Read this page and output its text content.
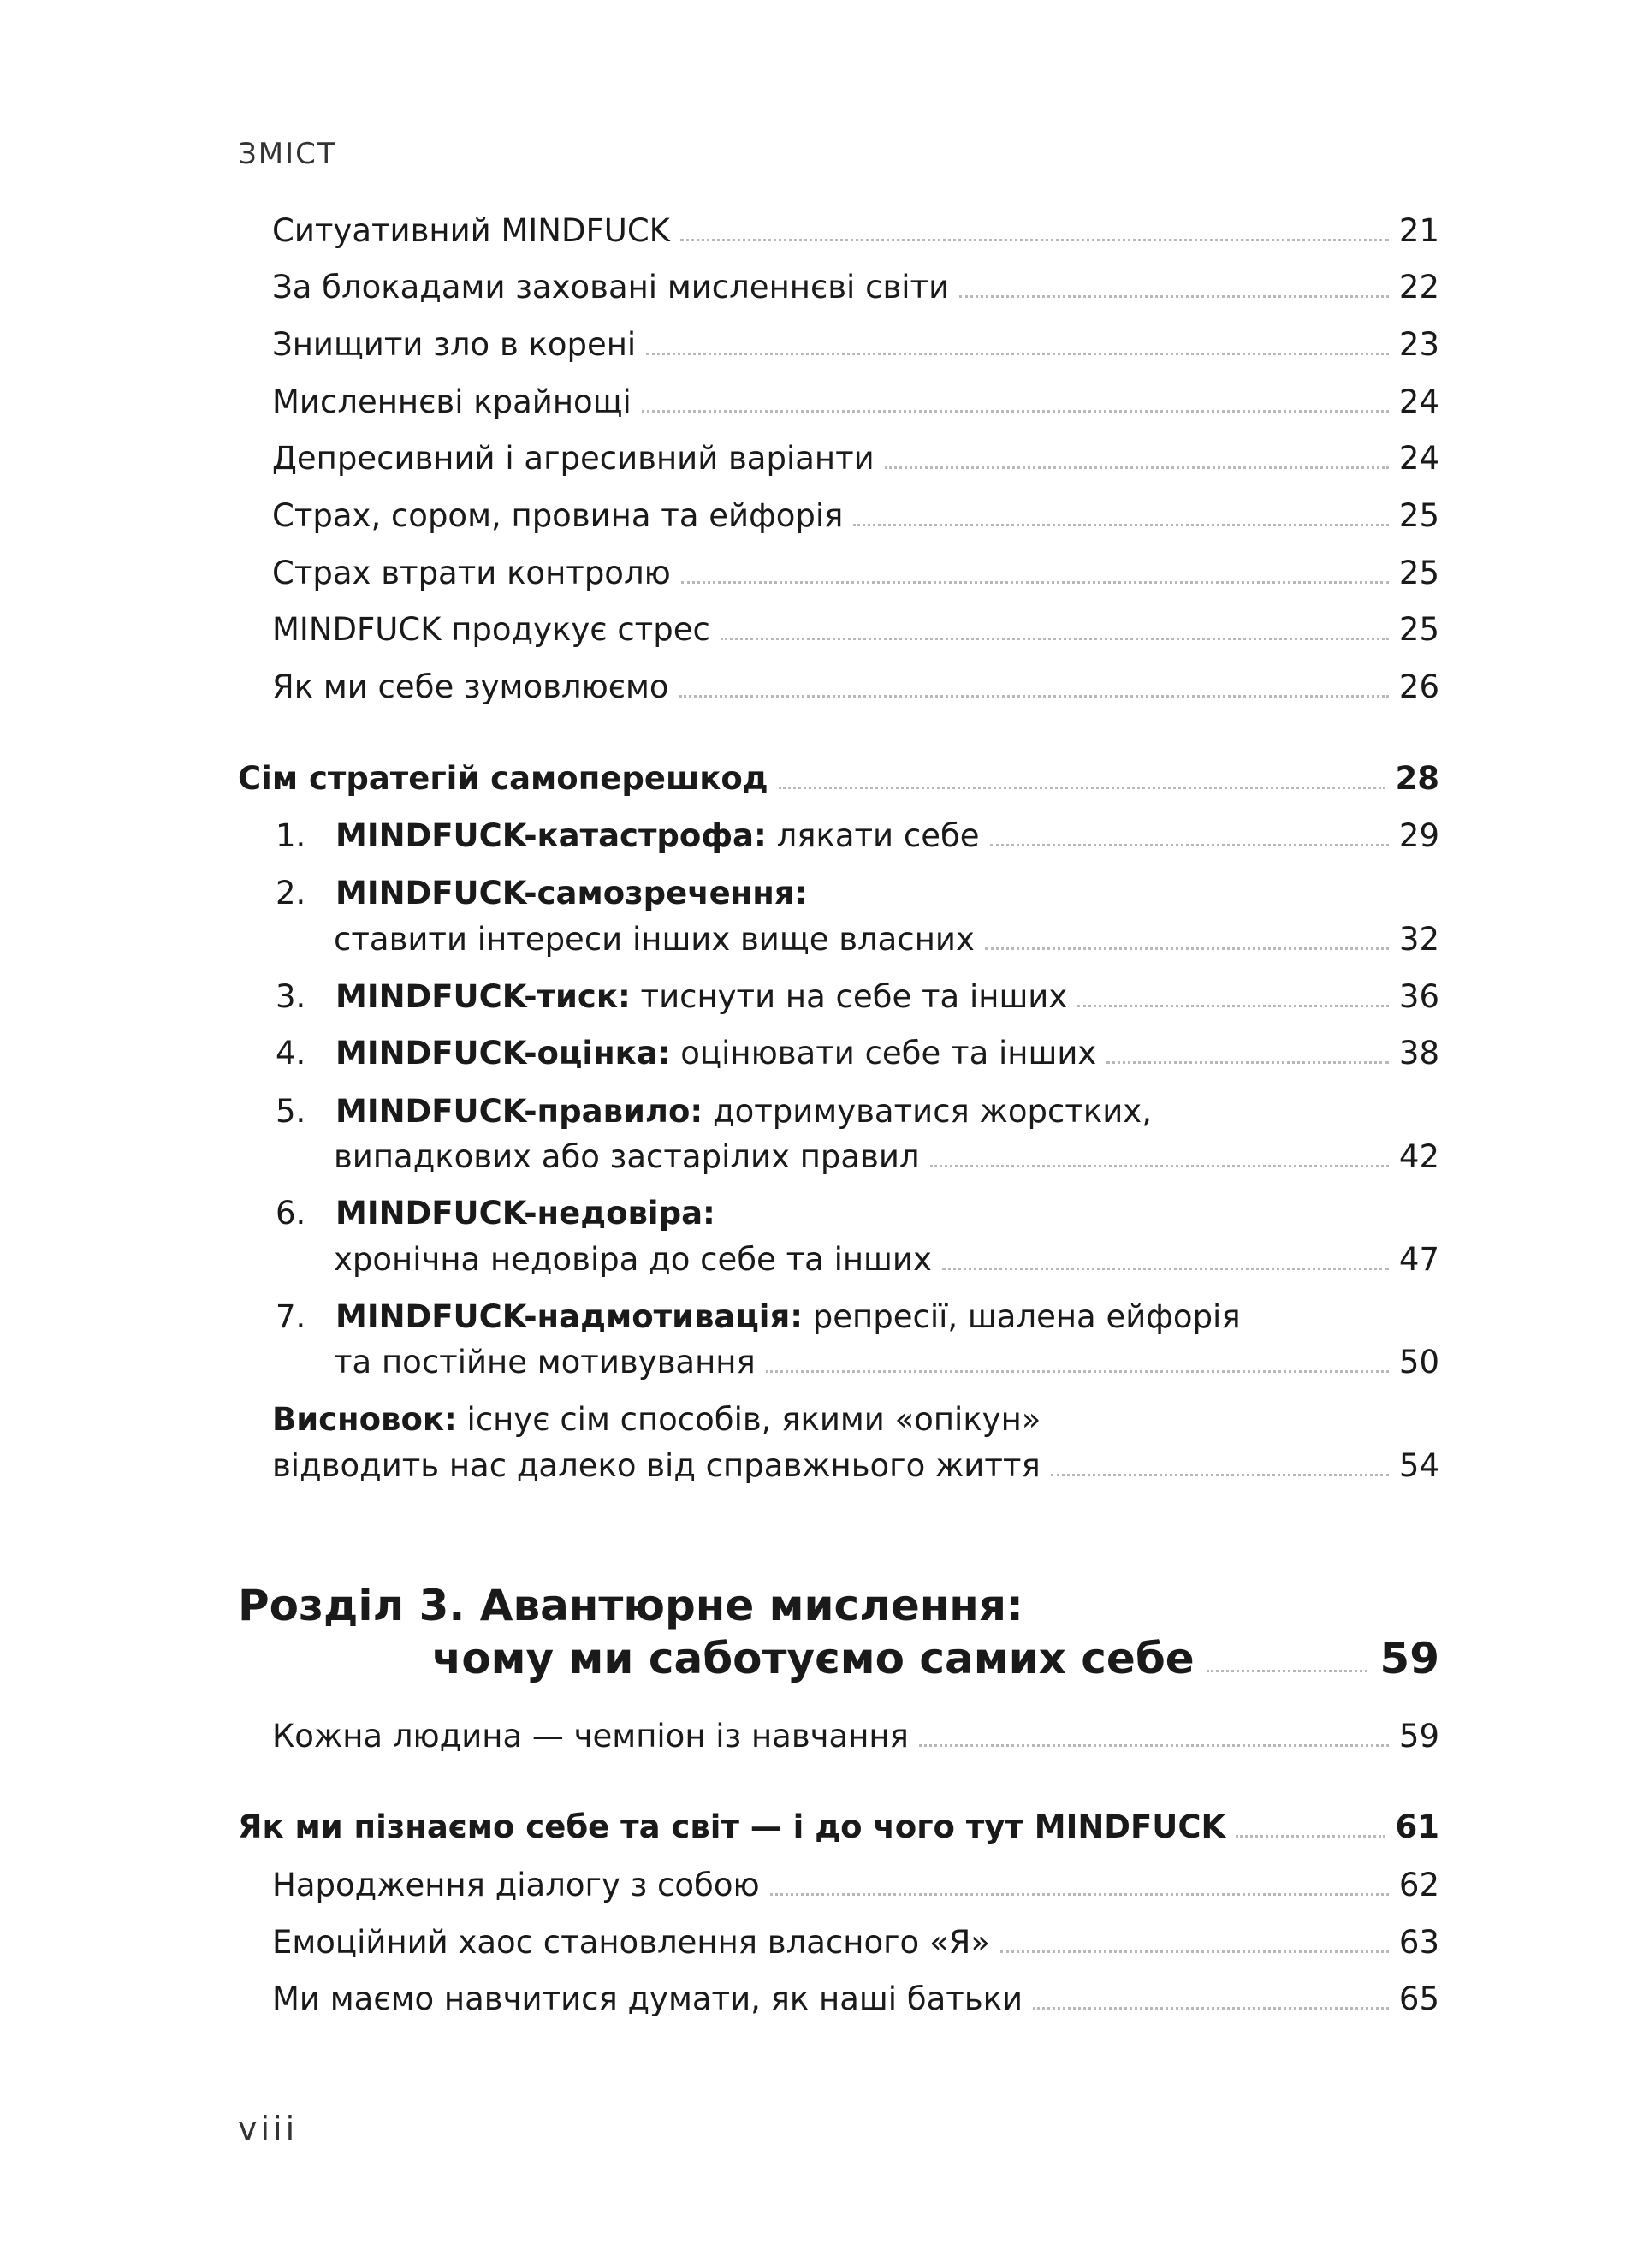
ЗМІСТ
Ситуативний MINDFUCK	21
За блокадами заховані мисленнєві світи	22
Знищити зло в корені	23
Мисленнєві крайнощі	24
Депресивний і агресивний варіанти	24
Страх, сором, провина та ейфорія	25
Страх втрати контролю	25
MINDFUCK продукує стрес	25
Як ми себе зумовлюємо	26
Сім стратегій самоперешкод	28
1. MINDFUCK-катастрофа: лякати себе	29
2. MINDFUCK-самозречення:
ставити інтереси інших вище власних	32
3. MINDFUCK-тиск: тиснути на себе та інших	36
4. MINDFUCK-оцінка: оцінювати себе та інших	38
5. MINDFUCK-правило: дотримуватися жорстких,
випадкових або застарілих правил	42
6. MINDFUCK-недовіра:
хронічна недовіра до себе та інших	47
7. MINDFUCK-надмотивація: репресії, шалена ейфорія
та постійне мотивування	50
Висновок: існує сім способів, якими «опікун»
відводить нас далеко від справжнього життя	54
Розділ 3. Авантюрне мислення:
чому ми саботуємо самих себе	59
Кожна людина — чемпіон із навчання	59
Як ми пізнаємо себе та світ — і до чого тут MINDFUCK	61
Народження діалогу з собою	62
Емоційний хаос становлення власного «Я»	63
Ми маємо навчитися думати, як наші батьки	65
viii
